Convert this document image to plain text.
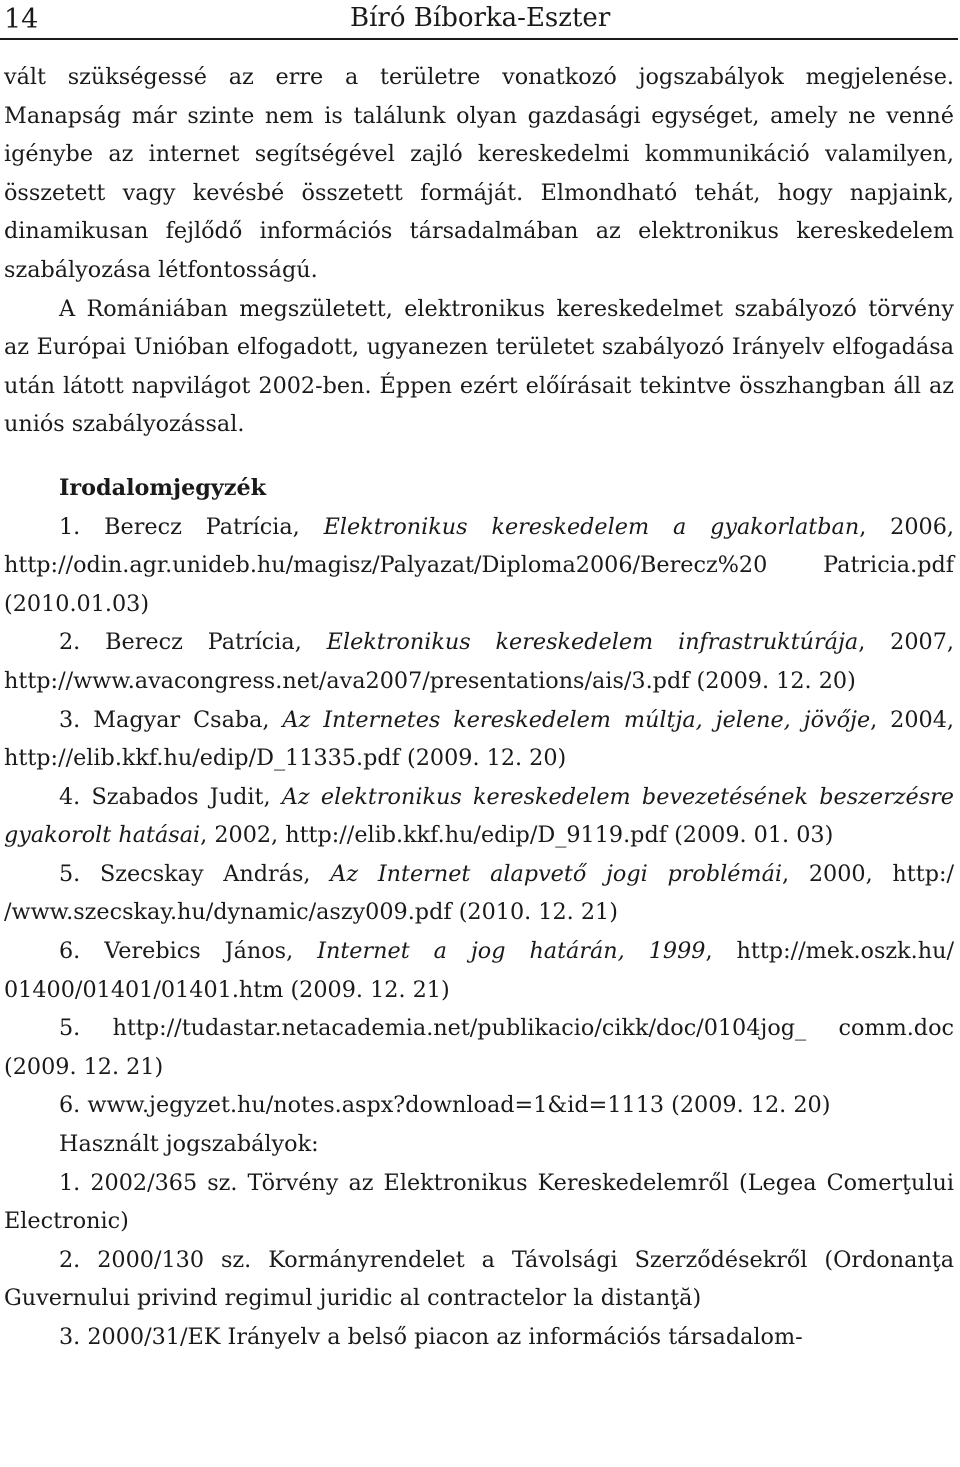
14	Bíró Bíborka-Eszter

vált szükségessé az erre a területre vonatkozó jogszabályok megjelenése. Manapság már szinte nem is találunk olyan gazdasági egységet, amely ne venné igénybe az internet segítségével zajló kereskedelmi kommunikáció valamilyen, összetett vagy kevésbé összetett formáját. Elmondható tehát, hogy napjaink, dinamikusan fejlődő információs társadalmában az elektronikus kereskedelem szabályozása létfontosságú.

A Romániában megszületett, elektronikus kereskedelmet szabályozó törvény az Európai Unióban elfogadott, ugyanezen területet szabályozó Irányelv elfogadása után látott napvilágot 2002-ben. Éppen ezért előírásait tekintve összhangban áll az uniós szabályozással.

Irodalomjegyzék

1. Berecz Patrícia, Elektronikus kereskedelem a gyakorlatban, 2006, http://odin.agr.unideb.hu/magisz/Palyazat/Diploma2006/Berecz%20 Patricia.pdf (2010.01.03)

2. Berecz Patrícia, Elektronikus kereskedelem infrastruktúrája, 2007, http://www.avacongress.net/ava2007/presentations/ais/3.pdf (2009. 12. 20)

3. Magyar Csaba, Az Internetes kereskedelem múltja, jelene, jövője, 2004, http://elib.kkf.hu/edip/D_11335.pdf (2009. 12. 20)

4. Szabados Judit, Az elektronikus kereskedelem bevezetésének beszerzésre gyakorolt hatásai, 2002, http://elib.kkf.hu/edip/D_9119.pdf (2009. 01. 03)

5. Szecskay András, Az Internet alapvető jogi problémái, 2000, http:/ /www.szecskay.hu/dynamic/aszy009.pdf (2010. 12. 21)

6. Verebics János, Internet a jog határán, 1999, http://mek.oszk.hu/ 01400/01401/01401.htm (2009. 12. 21)

5. http://tudastar.netacademia.net/publikacio/cikk/doc/0104jog_ comm.doc (2009. 12. 21)

6. www.jegyzet.hu/notes.aspx?download=1&id=1113 (2009. 12. 20)

Használt jogszabályok:

1. 2002/365 sz. Törvény az Elektronikus Kereskedelemről (Legea Comerţului Electronic)

2. 2000/130 sz. Kormányrendelet a Távolsági Szerződésekről (Ordonanţa Guvernului privind regimul juridic al contractelor la distanţă)

3. 2000/31/EK Irányelv a belső piacon az információs társadalom-
